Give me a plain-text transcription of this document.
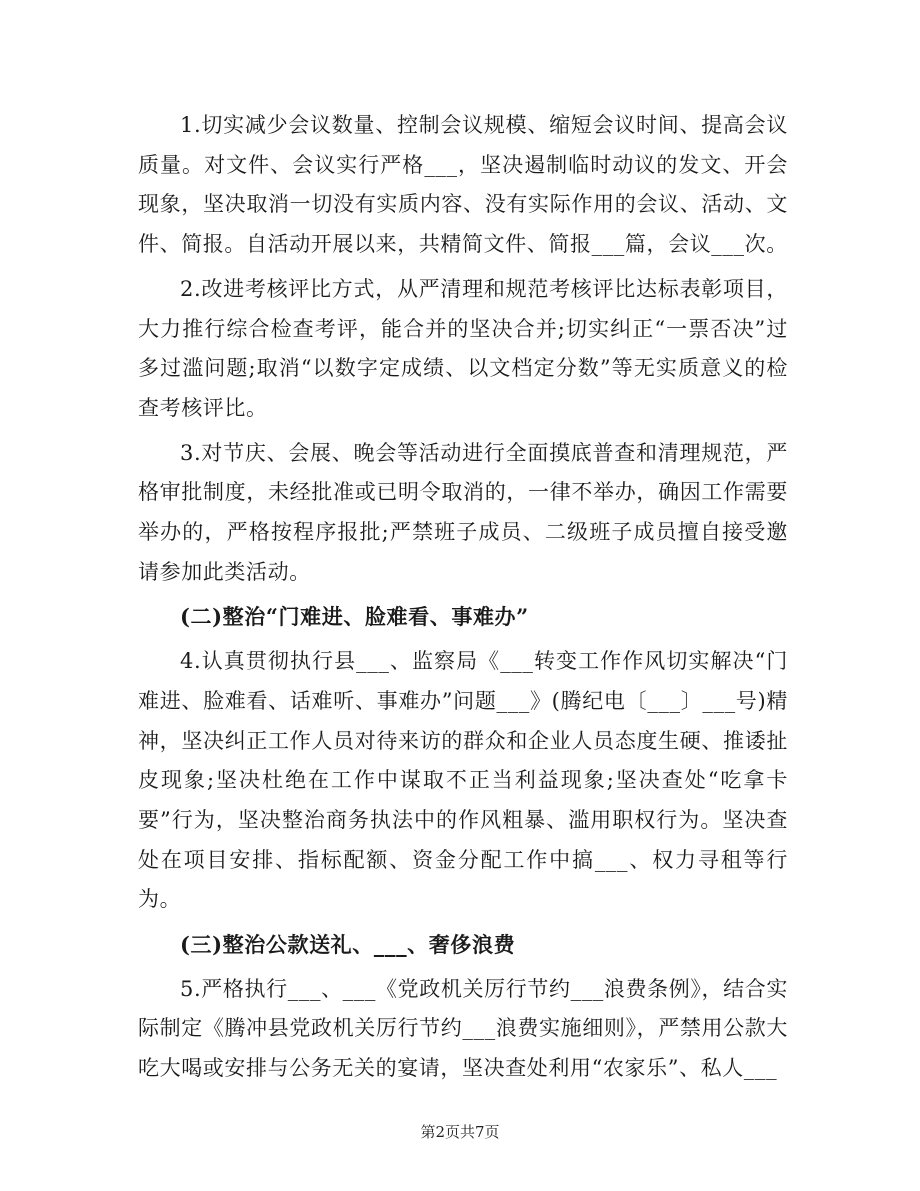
1.切实减少会议数量、控制会议规模、缩短会议时间、提高会议质量。对文件、会议实行严格___，坚决遏制临时动议的发文、开会现象，坚决取消一切没有实质内容、没有实际作用的会议、活动、文件、简报。自活动开展以来，共精简文件、简报___篇，会议___次。

2.改进考核评比方式，从严清理和规范考核评比达标表彰项目，大力推行综合检查考评，能合并的坚决合并;切实纠正“一票否决”过多过滥问题;取消“以数字定成绩、以文档定分数”等无实质意义的检查考核评比。

3.对节庆、会展、晚会等活动进行全面摸底普查和清理规范，严格审批制度，未经批准或已明令取消的，一律不举办，确因工作需要举办的，严格按程序报批;严禁班子成员、二级班子成员擅自接受邀请参加此类活动。

(二)整治“门难进、脸难看、事难办”

4.认真贯彻执行县___、监察局《___转变工作作风切实解决“门难进、脸难看、话难听、事难办”问题___》(腾纪电〔___〕___号)精神，坚决纠正工作人员对待来访的群众和企业人员态度生硬、推诿扯皮现象;坚决杜绝在工作中谋取不正当利益现象;坚决查处“吃拿卡要”行为，坚决整治商务执法中的作风粗暴、滥用职权行为。坚决查处在项目安排、指标配额、资金分配工作中搞___、权力寻租等行为。

(三)整治公款送礼、___、奢侈浪费

5.严格执行___、___《党政机关厉行节约___浪费条例》，结合实际制定《腾冲县党政机关厉行节约___浪费实施细则》，严禁用公款大吃大喝或安排与公务无关的宴请，坚决查处利用“农家乐”、私人___

第2页共7页
